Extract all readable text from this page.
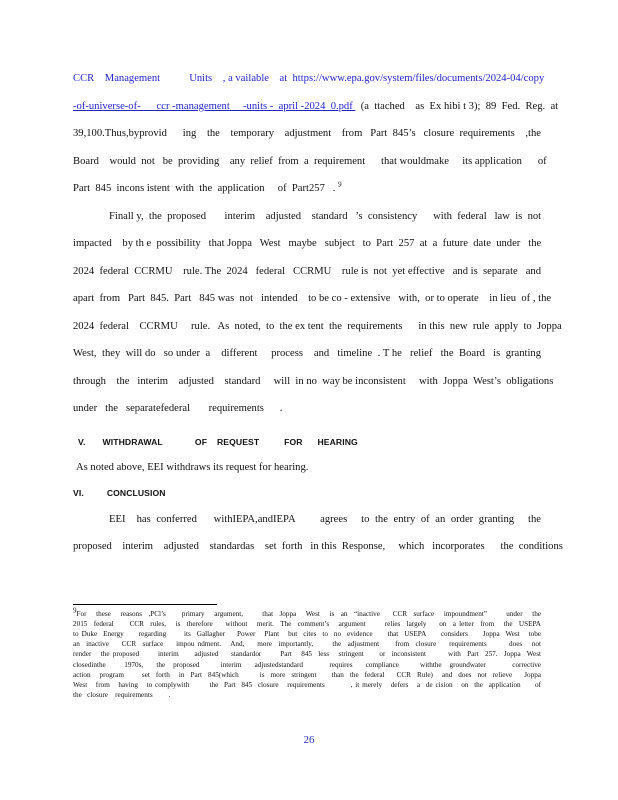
CCR    Management           Units    , a vailable    at  https://www.epa.gov/system/files/documents/2024-04/copy
-of-universe-of-      ccr -management     -units -  april -2024_0.pdf   (a  ttached    as  Ex hibi t 3);  89  Fed.  Reg.  at
39,100.Thus,byprovid      ing    the    temporary    adjustment    from   Part  845’s   closure  requirements    ,the
Board    would  not   be  providing    any  relief  from  a  requirement      that wouldmake     its application      of
Part  845  incons istent  with  the  application     of  Part257   . $^9$
Finall y,  the  proposed       interim    adjusted    standard   ’s  consistency      with  federal   law  is  not
impacted    by th e  possibility   that Joppa   West   maybe   subject   to  Part  257  at  a  future  date  under   the
2024  federal  CCRMU    rule. The  2024   federal   CCRMU    rule is  not  yet effective   and is  separate   and
apart  from   Part  845.  Part   845 was  not   intended    to be co - extensive   with,  or to operate    in lieu  of , the
2024  federal    CCRMU     rule.   As  noted,  to  the ex tent  the  requirements      in this  new  rule  apply  to  Joppa
West,  they  will do   so under  a    different     process    and   timeline  . T he   relief   the  Board   is  granting
through    the   interim    adjusted    standard     will  in no  way be inconsistent     with  Joppa  West’s  obligations
under   the   separatefederal       requirements      .
V. WITHDRAWAL             OF    REQUEST          FOR      HEARING
As noted above, EEI withdraws its request for hearing.
VI.	CONCLUSION
EEI    has  conferred      withIEPA,andIEPA         agrees     to  the  entry  of  an  order  granting     the
proposed    interim    adjusted    standardas    set  forth   in this  Response,     which   incorporates      the  conditions
9For   these   reasons  ,PCl’s     primary   argument,      that  Joppa   West   is  an  “inactive    CCR  surface   impoundment”      under   the
2015  federal     CCR  rules,   is  therefore    without   merit.  The  comment’s   argument      relies  largely    on  a letter  from   the  USEPA
to Duke  Energy     regarding      its  Gallagher    Power   Plant   but  cites  to  no  evidence     that  USEPA     considers     Joppa  West   tobe
an  inactive    CCR  surface    impou ndment.   And,    more  importantly,      the  adjustment     from  closure    requirements       does   not
render   the proposed      interim     adjusted    standardor      Part   845  less   stringent     or  inconsistent       with  Part  257.  Joppa  West
closedinthe       1970s,     the   proposed        interim     adjustedstandard          requires     compliance        withthe   groundwater          corrective
action   program      set  forth   in  Part  845(which       is  more  stringent     than  the  federal    CCR  Rule)   and  does  not  relieve    Joppa
West   from   having   to complywith       the  Part  845  closure   requirements         , it merely   defers   a  de cision   on  the  application     of
the   closure    requirements         .
26
